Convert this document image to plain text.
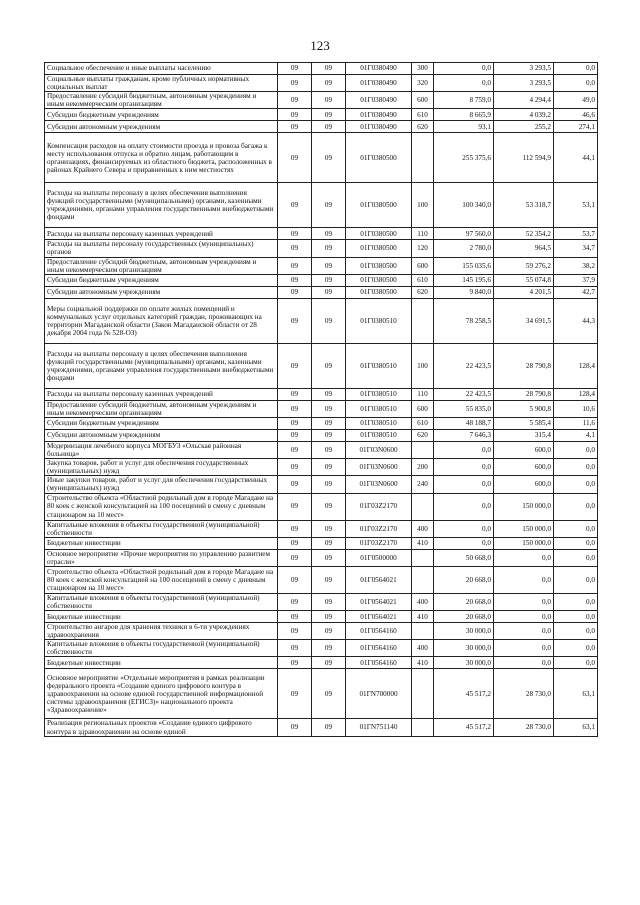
123
Социальное обеспечение и иные выплаты населению	09	09	01Г0380490	300	0,0	3 293,5	0,0
Социальные выплаты гражданам, кроме публичных нормативных социальных выплат	09	09	01Г0380490	320	0,0	3 293,5	0,0
Предоставление субсидий бюджетным, автономным учреждениям и иным некоммерческим организациям	09	09	01Г0380490	600	8 759,0	4 294,4	49,0
Субсидии бюджетным учреждениям	09	09	01Г0380490	610	8 665,9	4 039,2	46,6
Субсидии автономным учреждениям	09	09	01Г0380490	620	93,1	255,2	274,1
Компенсация расходов на оплату стоимости проезда и провоза багажа к месту использования отпуска и обратно лицам, работающим в организациях, финансируемых из областного бюджета, расположенных в районах Крайнего Севера и приравненных к ним местностях	09	09	01Г0380500		255 375,6	112 594,9	44,1
Расходы на выплаты персоналу в целях обеспечения выполнения функций государственными (муниципальными) органами, казенными учреждениями, органами управления государственными внебюджетными фондами	09	09	01Г0380500	100	100 340,0	53 318,7	53,1
Расходы на выплаты персоналу казенных учреждений	09	09	01Г0380500	110	97 560,0	52 354,2	53,7
Расходы на выплаты персоналу государственных (муниципальных) органов	09	09	01Г0380500	120	2 780,0	964,5	34,7
Предоставление субсидий бюджетным, автономным учреждениям и иным некоммерческим организациям	09	09	01Г0380500	600	155 035,6	59 276,2	38,2
Субсидии бюджетным учреждениям	09	09	01Г0380500	610	145 195,6	55 074,8	37,9
Субсидии автономным учреждениям	09	09	01Г0380500	620	9 840,0	4 201,5	42,7
Меры социальной поддержки по оплате жилых помещений и коммунальных услуг отдельных категорий граждан, проживающих на территории Магаданской области (Закон Магаданской области от 28 декабря 2004 года № 528-ОЗ)	09	09	01Г0380510		78 258,5	34 691,5	44,3
Расходы на выплаты персоналу в целях обеспечения выполнения функций государственными (муниципальными) органами, казенными учреждениями, органами управления государственными внебюджетными фондами	09	09	01Г0380510	100	22 423,5	28 790,8	128,4
Расходы на выплаты персоналу казенных учреждений	09	09	01Г0380510	110	22 423,5	28 790,8	128,4
Предоставление субсидий бюджетным, автономным учреждениям и иным некоммерческим организациям	09	09	01Г0380510	600	55 835,0	5 900,8	10,6
Субсидии бюджетным учреждениям	09	09	01Г0380510	610	48 188,7	5 585,4	11,6
Субсидии автономным учреждениям	09	09	01Г0380510	620	7 646,3	315,4	4,1
Модернизация лечебного корпуса МОГБУЗ «Ольская районная больница»	09	09	01Г03N0600		0,0	600,0	0,0
Закупка товаров, работ и услуг для обеспечения государственных (муниципальных) нужд	09	09	01Г03N0600	200	0,0	600,0	0,0
Иные закупки товаров, работ и услуг для обеспечения государственных (муниципальных) нужд	09	09	01Г03N0600	240	0,0	600,0	0,0
Строительство объекта «Областной родильный дом в городе Магадане на 80 коек с женской консультацией на 100 посещений в смену с дневным стационаром на 10 мест»	09	09	01Г03Z2170		0,0	150 000,0	0,0
Капитальные вложения в объекты государственной (муниципальной) собственности	09	09	01Г03Z2170	400	0,0	150 000,0	0,0
Бюджетные инвестиции	09	09	01Г03Z2170	410	0,0	150 000,0	0,0
Основное мероприятие «Прочие мероприятия по управлению развитием отрасли»	09	09	01Г0500000		50 668,0	0,0	0,0
Строительство объекта «Областной родильный дом в городе Магадане на 80 коек с женской консультацией на 100 посещений в смену с дневным стационаром на 10 мест»	09	09	01Г0564021		20 668,0	0,0	0,0
Капитальные вложения в объекты государственной (муниципальной) собственности	09	09	01Г0564021	400	20 668,0	0,0	0,0
Бюджетные инвестиции	09	09	01Г0564021	410	20 668,0	0,0	0,0
Строительство ангаров для хранения техники в 6-ти учреждениях здравоохранения	09	09	01Г0564160		30 000,0	0,0	0,0
Капитальные вложения в объекты государственной (муниципальной) собственности	09	09	01Г0564160	400	30 000,0	0,0	0,0
Бюджетные инвестиции	09	09	01Г0564160	410	30 000,0	0,0	0,0
Основное мероприятие «Отдельные мероприятия в рамках реализации федерального проекта «Создание единого цифрового контура в здравоохранении на основе единой государственной информационной системы здравоохранения (ЕГИСЗ)» национального проекта «Здравоохранение»	09	09	01ГN700000		45 517,2	28 730,0	63,1
Реализация региональных проектов «Создание единого цифрового контура в здравоохранении на основе единой	09	09	01ГN751140		45 517,2	28 730,0	63,1
